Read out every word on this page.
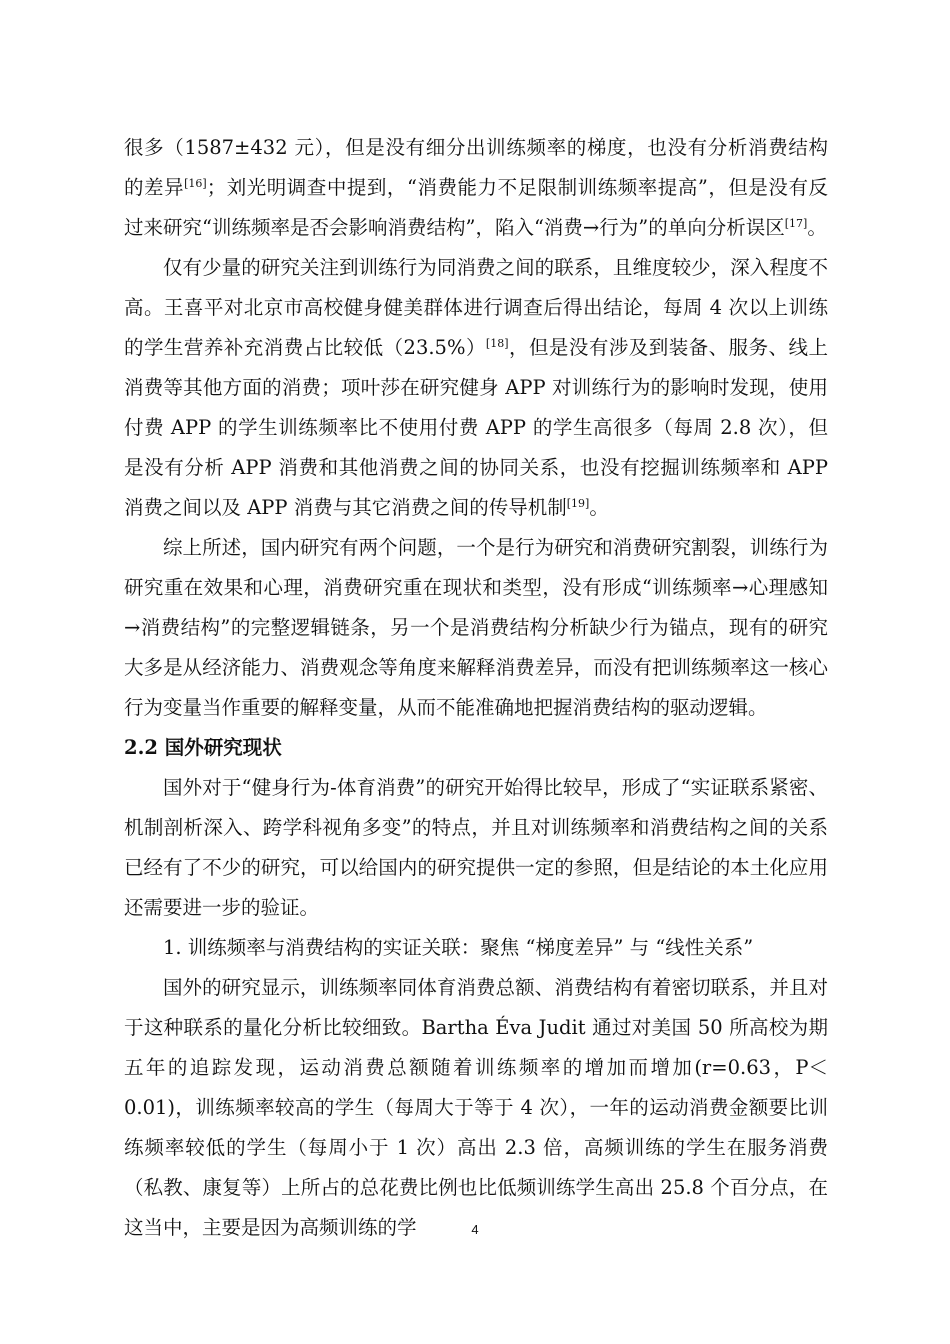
很多（1587±432 元），但是没有细分出训练频率的梯度，也没有分析消费结构的差异[16]；刘光明调查中提到，“消费能力不足限制训练频率提高”，但是没有反过来研究“训练频率是否会影响消费结构”，陷入“消费→行为”的单向分析误区[17]。

仅有少量的研究关注到训练行为同消费之间的联系，且维度较少，深入程度不高。王喜平对北京市高校健身健美群体进行调查后得出结论，每周 4 次以上训练的学生营养补充消费占比较低（23.5%）[18]，但是没有涉及到装备、服务、线上消费等其他方面的消费；项叶莎在研究健身 APP 对训练行为的影响时发现，使用付费 APP 的学生训练频率比不使用付费 APP 的学生高很多（每周 2.8 次），但是没有分析 APP 消费和其他消费之间的协同关系，也没有挖掘训练频率和 APP 消费之间以及 APP 消费与其它消费之间的传导机制[19]。

综上所述，国内研究有两个问题，一个是行为研究和消费研究割裂，训练行为研究重在效果和心理，消费研究重在现状和类型，没有形成“训练频率→心理感知→消费结构”的完整逻辑链条，另一个是消费结构分析缺少行为锚点，现有的研究大多是从经济能力、消费观念等角度来解释消费差异，而没有把训练频率这一核心行为变量当作重要的解释变量，从而不能准确地把握消费结构的驱动逻辑。

2.2 国外研究现状

国外对于“健身行为-体育消费”的研究开始得比较早，形成了“实证联系紧密、机制剖析深入、跨学科视角多变”的特点，并且对训练频率和消费结构之间的关系已经有了不少的研究，可以给国内的研究提供一定的参照，但是结论的本土化应用还需要进一步的验证。

1. 训练频率与消费结构的实证关联：聚焦 “梯度差异” 与 “线性关系”

国外的研究显示，训练频率同体育消费总额、消费结构有着密切联系，并且对于这种联系的量化分析比较细致。Bartha Éva Judit 通过对美国 50 所高校为期五年的追踪发现，运动消费总额随着训练频率的增加而增加(r=0.63，P＜0.01)，训练频率较高的学生（每周大于等于 4 次），一年的运动消费金额要比训练频率较低的学生（每周小于 1 次）高出 2.3 倍，高频训练的学生在服务消费（私教、康复等）上所占的总花费比例也比低频训练学生高出 25.8 个百分点，在这当中，主要是因为高频训练的学	4
